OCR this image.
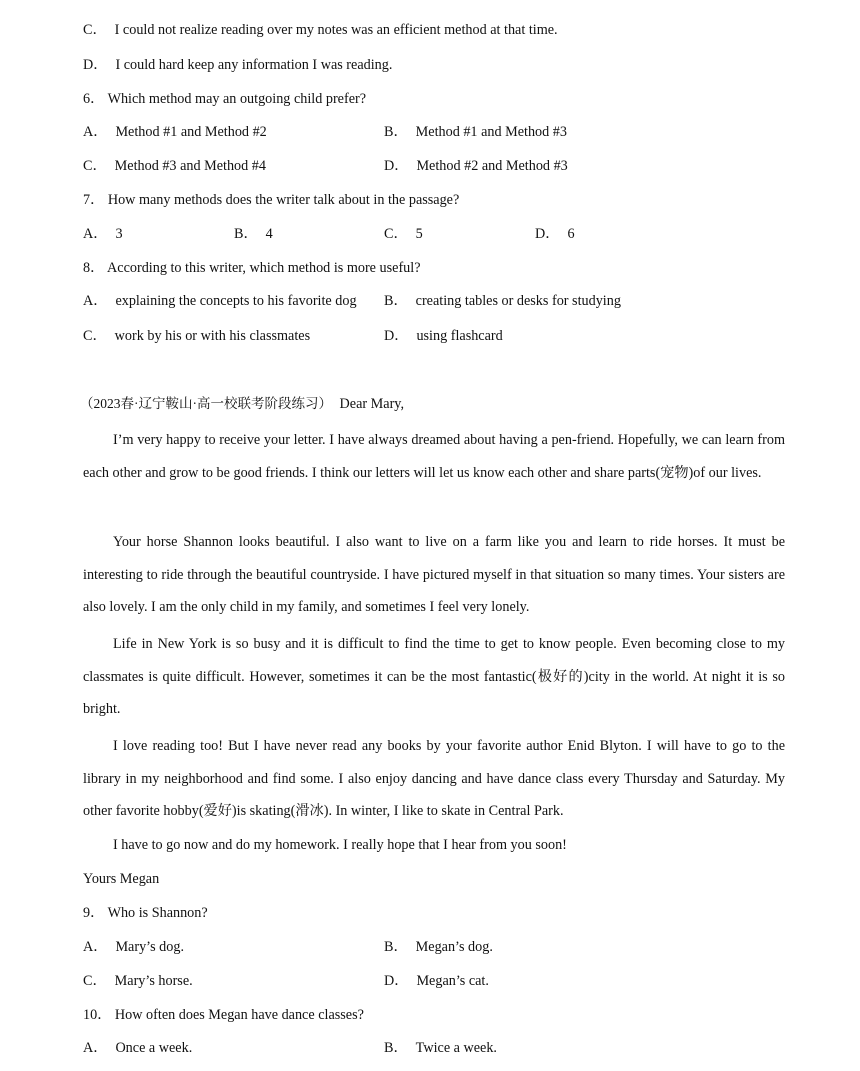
C． I could not realize reading over my notes was an efficient method at that time.
D． I could hard keep any information I was reading.
6． Which method may an outgoing child prefer?
A． Method #1 and Method #2	B． Method #1 and Method #3
C． Method #3 and Method #4	D． Method #2 and Method #3
7． How many methods does the writer talk about in the passage?
A． 3	B． 4	C． 5	D． 6
8． According to this writer, which method is more useful?
A． explaining the concepts to his favorite dog B． creating tables or desks for studying
C． work by his or with his classmates	D． using flashcard
（2023春·辽宁鞍山·高一校联考阶段练习） Dear Mary,
I’m very happy to receive your letter. I have always dreamed about having a pen-friend. Hopefully, we can learn from each other and grow to be good friends. I think our letters will let us know each other and share parts(宠物)of our lives.
Your horse Shannon looks beautiful. I also want to live on a farm like you and learn to ride horses. It must be interesting to ride through the beautiful countryside. I have pictured myself in that situation so many times. Your sisters are also lovely. I am the only child in my family, and sometimes I feel very lonely.
Life in New York is so busy and it is difficult to find the time to get to know people. Even becoming close to my classmates is quite difficult. However, sometimes it can be the most fantastic(极好的)city in the world. At night it is so bright.
I love reading too! But I have never read any books by your favorite author Enid Blyton. I will have to go to the library in my neighborhood and find some. I also enjoy dancing and have dance class every Thursday and Saturday. My other favorite hobby(爱好)is skating(滑冰). In winter, I like to skate in Central Park.
I have to go now and do my homework. I really hope that I hear from you soon!
Yours Megan
9． Who is Shannon?
A． Mary’s dog.	B． Megan’s dog.
C． Mary’s horse.	D． Megan’s cat.
10． How often does Megan have dance classes?
A． Once a week.	B． Twice a week.
